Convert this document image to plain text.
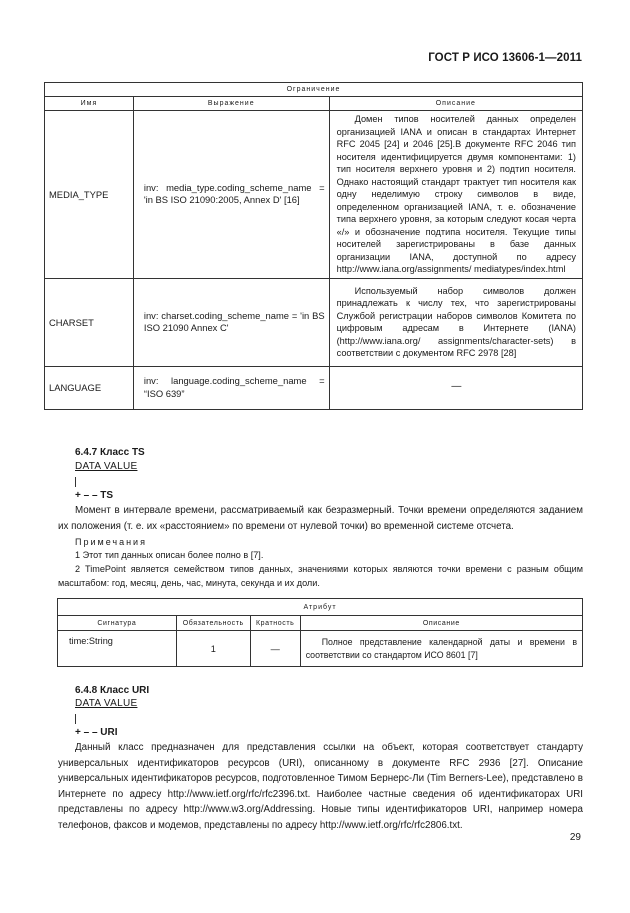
ГОСТ Р ИСО 13606-1—2011
Ограничение		
Имя	Выражение	Описание
MEDIA_TYPE	inv: media_type.coding_scheme_name = 'in BS ISO 21090:2005, Annex D' [16]	Домен типов носителей данных определен организацией IANA и описан в стандартах Интернет RFC 2045 [24] и 2046 [25].В документе RFC 2046 тип носителя идентифицируется двумя компонентами: 1) тип носителя верхнего уровня и 2) подтип носителя. Однако настоящий стандарт трактует тип носителя как одну неделимую строку символов в виде, определенном организацией IANA, т. е. обозначение типа верхнего уровня, за которым следуют косая черта «/» и обозначение подтипа носителя. Текущие типы носителей зарегистрированы в базе данных организации IANA, доступной по адресу http://www.iana.org/assignments/ mediatypes/index.html
CHARSET	inv: charset.coding_scheme_name = 'in BS ISO 21090 Annex C'	Используемый набор символов должен принадлежать к числу тех, что зарегистрированы Службой регистрации наборов символов Комитета по цифровым адресам в Интернете (IANA) (http://www.iana.org/ assignments/character-sets) в соответствии с документом RFC 2978 [28]
LANGUAGE	inv: language.coding_scheme_name = “ISO 639”	—
6.4.7 Класс TS
DATA VALUE
+ – – TS

Момент в интервале времени, рассматриваемый как безразмерный. Точки времени определяются заданием их положения (т. е. их «расстоянием» по времени от нулевой точки) во временной системе отсчета.

Примечания

1 Этот тип данных описан более полно в [7].

2 TimePoint является семейством типов данных, значениями которых являются точки времени с разным общим масштабом: год, месяц, день, час, минута, секунда и их доли.

Атрибут			
Сигнатура	Обязательность	Кратность	Описание
time:String	1	—	Полное представление календарной даты и времени в соответствии со стандартом ИСО 8601 [7]
6.4.8 Класс URI
DATA VALUE
+ – – URI

Данный класс предназначен для представления ссылки на объект, которая соответствует стандарту универсальных идентификаторов ресурсов (URI), описанному в документе RFC 2936 [27]. Описание универсальных идентификаторов ресурсов, подготовленное Тимом Бернерс-Ли (Tim Berners-Lee), представлено в Интернете по адресу http://www.ietf.org/rfc/rfc2396.txt. Наиболее частные сведения об идентификаторах URI представлены по адресу http://www.w3.org/Addressing. Новые типы идентификаторов URI, например номера телефонов, факсов и модемов, представлены по адресу http://www.ietf.org/rfc/rfc2806.txt.

29
